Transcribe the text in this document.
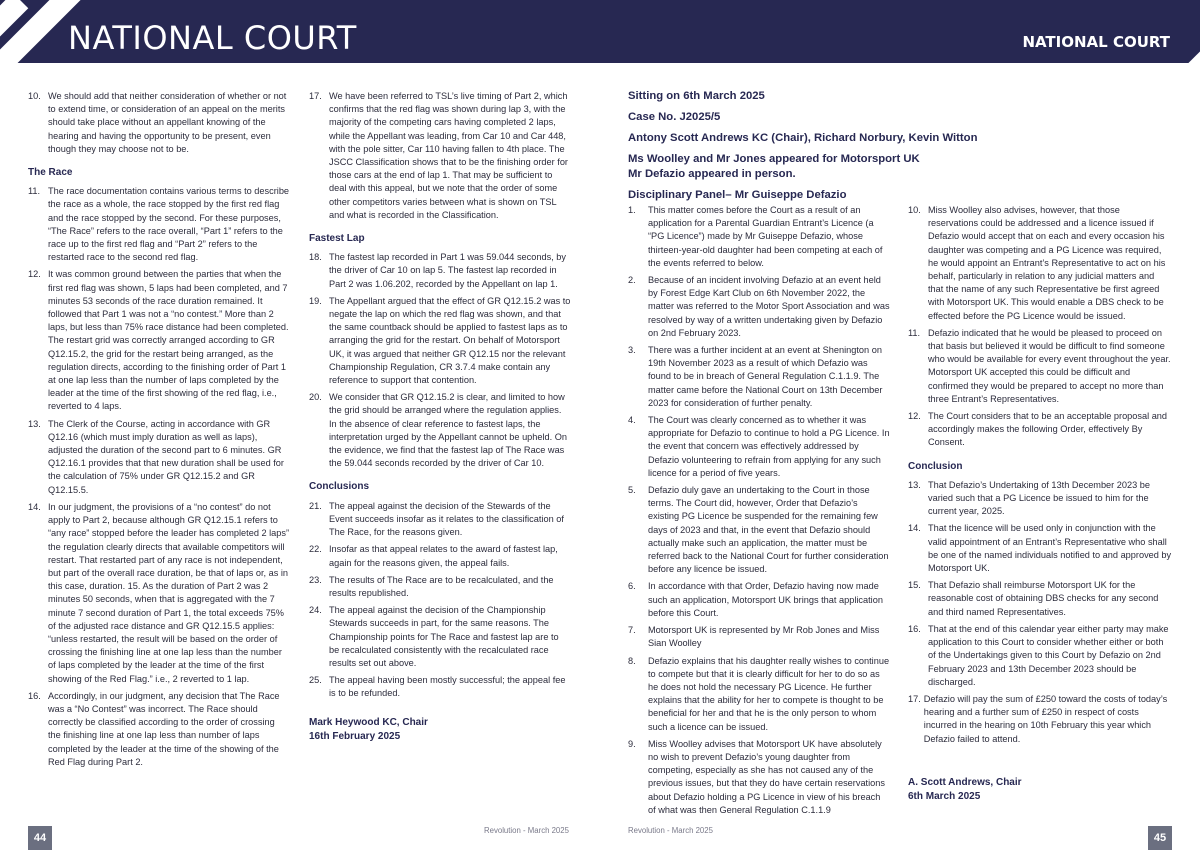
NATIONAL COURT	NATIONAL COURT
10. We should add that neither consideration of whether or not to extend time, or consideration of an appeal on the merits should take place without an appellant knowing of the hearing and having the opportunity to be present, even though they may choose not to be.
The Race
11. The race documentation contains various terms to describe the race as a whole, the race stopped by the first red flag and the race stopped by the second. For these purposes, “The Race” refers to the race overall, “Part 1” refers to the race up to the first red flag and “Part 2” refers to the restarted race to the second red flag.
12. It was common ground between the parties that when the first red flag was shown, 5 laps had been completed, and 7 minutes 53 seconds of the race duration remained. It followed that Part 1 was not a “no contest.” More than 2 laps, but less than 75% race distance had been completed. The restart grid was correctly arranged according to GR Q12.15.2, the grid for the restart being arranged, as the regulation directs, according to the finishing order of Part 1 at one lap less than the number of laps completed by the leader at the time of the first showing of the red flag, i.e., reverted to 4 laps.
13. The Clerk of the Course, acting in accordance with GR Q12.16 (which must imply duration as well as laps), adjusted the duration of the second part to 6 minutes. GR Q12.16.1 provides that that new duration shall be used for the calculation of 75% under GR Q12.15.2 and GR Q12.15.5.
14. In our judgment, the provisions of a “no contest” do not apply to Part 2, because although GR Q12.15.1 refers to “any race” stopped before the leader has completed 2 laps” the regulation clearly directs that available competitors will restart. That restarted part of any race is not independent, but part of the overall race duration, be that of laps or, as in this case, duration. 15. As the duration of Part 2 was 2 minutes 50 seconds, when that is aggregated with the 7 minute 7 second duration of Part 1, the total exceeds 75% of the adjusted race distance and GR Q12.15.5 applies: “unless restarted, the result will be based on the order of crossing the finishing line at one lap less than the number of laps completed by the leader at the time of the first showing of the Red Flag.” i.e., 2 reverted to 1 lap.
16. Accordingly, in our judgment, any decision that The Race was a “No Contest” was incorrect. The Race should correctly be classified according to the order of crossing the finishing line at one lap less than number of laps completed by the leader at the time of the showing of the Red Flag during Part 2.
17. We have been referred to TSL’s live timing of Part 2, which confirms that the red flag was shown during lap 3, with the majority of the competing cars having completed 2 laps, while the Appellant was leading, from Car 10 and Car 448, with the pole sitter, Car 110 having fallen to 4th place. The JSCC Classification shows that to be the finishing order for those cars at the end of lap 1. That may be sufficient to deal with this appeal, but we note that the order of some other competitors varies between what is shown on TSL and what is recorded in the Classification.
Fastest Lap
18. The fastest lap recorded in Part 1 was 59.044 seconds, by the driver of Car 10 on lap 5. The fastest lap recorded in Part 2 was 1.06.202, recorded by the Appellant on lap 1.
19. The Appellant argued that the effect of GR Q12.15.2 was to negate the lap on which the red flag was shown, and that the same countback should be applied to fastest laps as to arranging the grid for the restart. On behalf of Motorsport UK, it was argued that neither GR Q12.15 nor the relevant Championship Regulation, CR 3.7.4 make contain any reference to support that contention.
20. We consider that GR Q12.15.2 is clear, and limited to how the grid should be arranged where the regulation applies. In the absence of clear reference to fastest laps, the interpretation urged by the Appellant cannot be upheld. On the evidence, we find that the fastest lap of The Race was the 59.044 seconds recorded by the driver of Car 10.
Conclusions
21. The appeal against the decision of the Stewards of the Event succeeds insofar as it relates to the classification of The Race, for the reasons given.
22. Insofar as that appeal relates to the award of fastest lap, again for the reasons given, the appeal fails.
23. The results of The Race are to be recalculated, and the results republished.
24. The appeal against the decision of the Championship Stewards succeeds in part, for the same reasons. The Championship points for The Race and fastest lap are to be recalculated consistently with the recalculated race results set out above.
25. The appeal having been mostly successful; the appeal fee is to be refunded.
Mark Heywood KC, Chair
16th February 2025
Sitting on 6th March 2025
Case No. J2025/5
Antony Scott Andrews KC (Chair), Richard Norbury, Kevin Witton
Ms Woolley and Mr Jones appeared for Motorsport UK
Mr Defazio appeared in person.
Disciplinary Panel– Mr Guiseppe Defazio
1.	This matter comes before the Court as a result of an application for a Parental Guardian Entrant’s Licence (a “PG Licence”) made by Mr Guiseppe Defazio, whose thirteen-year-old daughter had been competing at each of the events referred to below.
2.	Because of an incident involving Defazio at an event held by Forest Edge Kart Club on 6th November 2022, the matter was referred to the Motor Sport Association and was resolved by way of a written undertaking given by Defazio on 2nd February 2023.
3.	There was a further incident at an event at Shenington on 19th November 2023 as a result of which Defazio was found to be in breach of General Regulation C.1.1.9. The matter came before the National Court on 13th December 2023 for consideration of further penalty.
4.	The Court was clearly concerned as to whether it was appropriate for Defazio to continue to hold a PG Licence. In the event that concern was effectively addressed by Defazio volunteering to refrain from applying for any such licence for a period of five years.
5.	Defazio duly gave an undertaking to the Court in those terms. The Court did, however, Order that Defazio’s existing PG Licence be suspended for the remaining few days of 2023 and that, in the event that Defazio should actually make such an application, the matter must be referred back to the National Court for further consideration before any licence be issued.
6.	In accordance with that Order, Defazio having now made such an application, Motorsport UK brings that application before this Court.
7.	Motorsport UK is represented by Mr Rob Jones and Miss Sian Woolley
8.	Defazio explains that his daughter really wishes to continue to compete but that it is clearly difficult for her to do so as he does not hold the necessary PG Licence. He further explains that the ability for her to compete is thought to be beneficial for her and that he is the only person to whom such a licence can be issued.
9.	Miss Woolley advises that Motorsport UK have absolutely no wish to prevent Defazio’s young daughter from competing, especially as she has not caused any of the previous issues, but that they do have certain reservations about Defazio holding a PG Licence in view of his breach of what was then General Regulation C.1.1.9
10. Miss Woolley also advises, however, that those reservations could be addressed and a licence issued if Defazio would accept that on each and every occasion his daughter was competing and a PG Licence was required, he would appoint an Entrant’s Representative to act on his behalf, particularly in relation to any judicial matters and that the name of any such Representative be first agreed with Motorsport UK. This would enable a DBS check to be effected before the PG Licence would be issued.
11. Defazio indicated that he would be pleased to proceed on that basis but believed it would be difficult to find someone who would be available for every event throughout the year. Motorsport UK accepted this could be difficult and confirmed they would be prepared to accept no more than three Entrant’s Representatives.
12. The Court considers that to be an acceptable proposal and accordingly makes the following Order, effectively By Consent.
Conclusion
13. That Defazio’s Undertaking of 13th December 2023 be varied such that a PG Licence be issued to him for the current year, 2025.
14. That the licence will be used only in conjunction with the valid appointment of an Entrant’s Representative who shall be one of the named individuals notified to and approved by Motorsport UK.
15. That Defazio shall reimburse Motorsport UK for the reasonable cost of obtaining DBS checks for any second and third named Representatives.
16. That at the end of this calendar year either party may make application to this Court to consider whether either or both of the Undertakings given to this Court by Defazio on 2nd February 2023 and 13th December 2023 should be discharged.
17. Defazio will pay the sum of £250 toward the costs of today’s hearing and a further sum of £250 in respect of costs incurred in the hearing on 10th February this year which Defazio failed to attend.
A. Scott Andrews, Chair
6th March 2025
44
Revolution - March 2025	Revolution - March 2025
45
